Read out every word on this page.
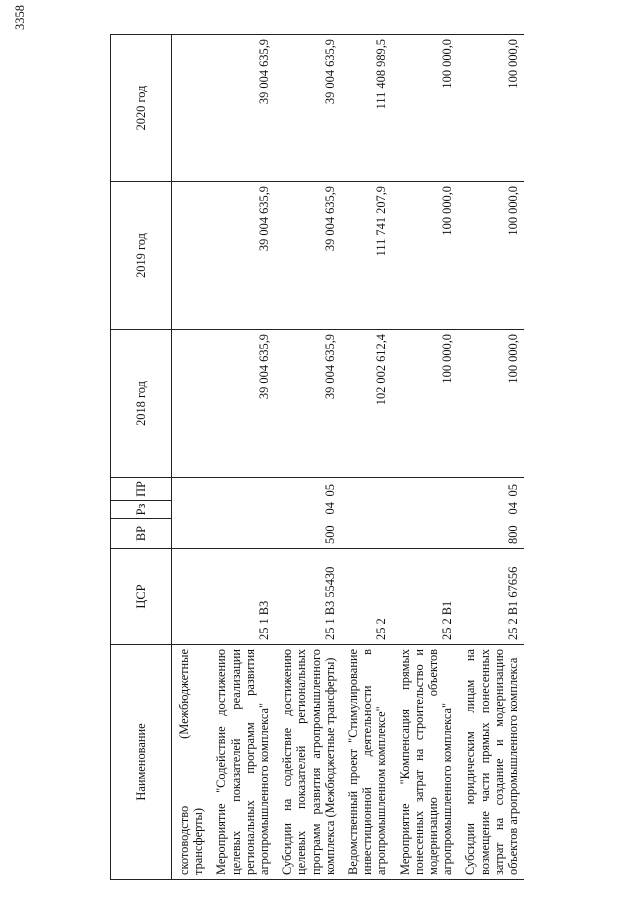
3358
Наименование	ЦСР	ВР	Рз	ПР	2018 год	2019 год	2020 год
скотоводство (Межбюджетные трансферты)							
Мероприятие "Содействие достижению целевых показателей реализации региональных программ развития агропромышленного комплекса"	25 1 В3				39 004 635,9	39 004 635,9	39 004 635,9
Субсидии на содействие достижению целевых показателей региональных программ развития агропромышленного комплекса (Межбюджетные трансферты)	25 1 В3 55430	500	04	05	39 004 635,9	39 004 635,9	39 004 635,9
Ведомственный проект "Стимулирование инвестиционной деятельности в агропромышленном комплексе"	25 2				102 002 612,4	111 741 207,9	111 408 989,5
Мероприятие "Компенсация прямых понесенных затрат на строительство и модернизацию объектов агропромышленного комплекса"	25 2 В1				100 000,0	100 000,0	100 000,0
Субсидии юридическим лицам на возмещение части прямых понесенных затрат на создание и модернизацию объектов агропромышленного комплекса	25 2 В1 67656	800	04	05	100 000,0	100 000,0	100 000,0
